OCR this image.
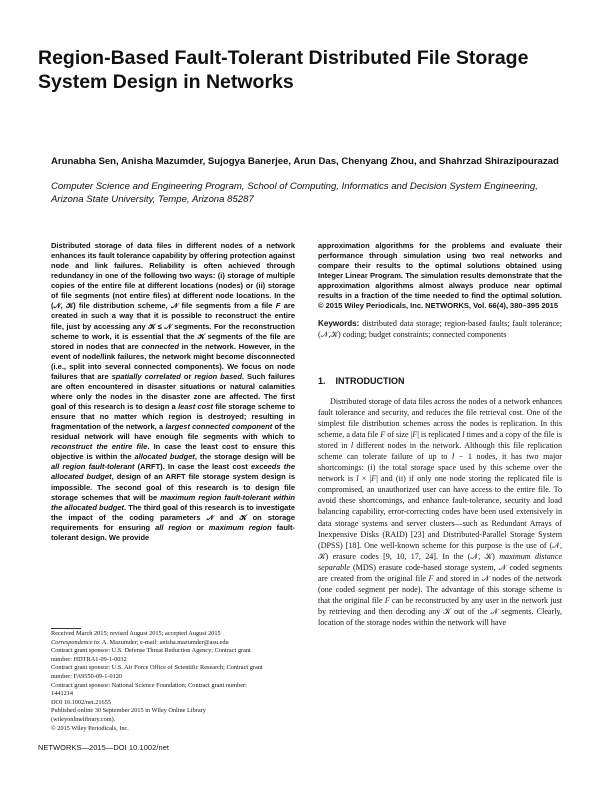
Region-Based Fault-Tolerant Distributed File Storage System Design in Networks
Arunabha Sen, Anisha Mazumder, Sujogya Banerjee, Arun Das, Chenyang Zhou, and Shahrzad Shirazipourazad
Computer Science and Engineering Program, School of Computing, Informatics and Decision System Engineering, Arizona State University, Tempe, Arizona 85287
Distributed storage of data files in different nodes of a network enhances its fault tolerance capability by offering protection against node and link failures. Reliability is often achieved through redundancy in one of the following two ways: (i) storage of multiple copies of the entire file at different locations (nodes) or (ii) storage of file segments (not entire files) at different node locations. In the (𝒩, 𝒦) file distribution scheme, 𝒩 file segments from a file F are created in such a way that it is possible to reconstruct the entire file, just by accessing any 𝒦 ≤ 𝒩 segments. For the reconstruction scheme to work, it is essential that the 𝒦 segments of the file are stored in nodes that are connected in the network. However, in the event of node/link failures, the network might become disconnected (i.e., split into several connected components). We focus on node failures that are spatially correlated or region based. Such failures are often encountered in disaster situations or natural calamities where only the nodes in the disaster zone are affected. The first goal of this research is to design a least cost file storage scheme to ensure that no matter which region is destroyed; resulting in fragmentation of the network, a largest connected component of the residual network will have enough file segments with which to reconstruct the entire file. In case the least cost to ensure this objective is within the allocated budget, the storage design will be all region fault-tolerant (ARFT). In case the least cost exceeds the allocated budget, design of an ARFT file storage system design is impossible. The second goal of this research is to design file storage schemes that will be maximum region fault-tolerant within the allocated budget. The third goal of this research is to investigate the impact of the coding parameters 𝒩 and 𝒦 on storage requirements for ensuring all region or maximum region fault-tolerant design. We provide
approximation algorithms for the problems and evaluate their performance through simulation using two real networks and compare their results to the optimal solutions obtained using Integer Linear Program. The simulation results demonstrate that the approximation algorithms almost always produce near optimal results in a fraction of the time needed to find the optimal solution. © 2015 Wiley Periodicals, Inc. NETWORKS, Vol. 66(4), 380–395 2015
Keywords: distributed data storage; region-based faults; fault tolerance; (𝒩,𝒦) coding; budget constraints; connected components
1. INTRODUCTION
Distributed storage of data files across the nodes of a network enhances fault tolerance and security, and reduces the file retrieval cost. One of the simplest file distribution schemes across the nodes is replication. In this scheme, a data file F of size |F| is replicated l times and a copy of the file is stored in l different nodes in the network. Although this file replication scheme can tolerate failure of up to l − 1 nodes, it has two major shortcomings: (i) the total storage space used by this scheme over the network is l × |F| and (ii) if only one node storing the replicated file is compromised, an unauthorized user can have access to the entire file. To avoid these shortcomings, and enhance fault-tolerance, security and load balancing capability, error-correcting codes have been used extensively in data storage systems and server clusters—such as Redundant Arrays of Inexpensive Disks (RAID) [23] and Distributed-Parallel Storage System (DPSS) [18]. One well-known scheme for this purpose is the use of (𝒩, 𝒦) erasure codes [9, 10, 17, 24]. In the (𝒩, 𝒦) maximum distance separable (MDS) erasure code-based storage system, 𝒩 coded segments are created from the original file F and stored in 𝒩 nodes of the network (one coded segment per node). The advantage of this storage scheme is that the original file F can be reconstructed by any user in the network just by retrieving and then decoding any 𝒦 out of the 𝒩 segments. Clearly, location of the storage nodes within the network will have

Received March 2015; revised August 2015; accepted August 2015

Correspondence to: A. Mazumder; e-mail: anisha.mazumder@asu.edu

Contract grant sponsor: U.S. Defense Threat Reduction Agency; Contract grant number: HDTRA1-09-1-0032

Contract grant sponsor: U.S. Air Force Office of Scientific Research; Contract grant number: FA9550-09-1-0120

Contract grant sponsor: National Science Foundation; Contract grant number: 1441214

DOI 10.1002/net.21655

Published online 30 September 2015 in Wiley Online Library (wileyonlinelibrary.com).

© 2015 Wiley Periodicals, Inc.

NETWORKS—2015—DOI 10.1002/net
